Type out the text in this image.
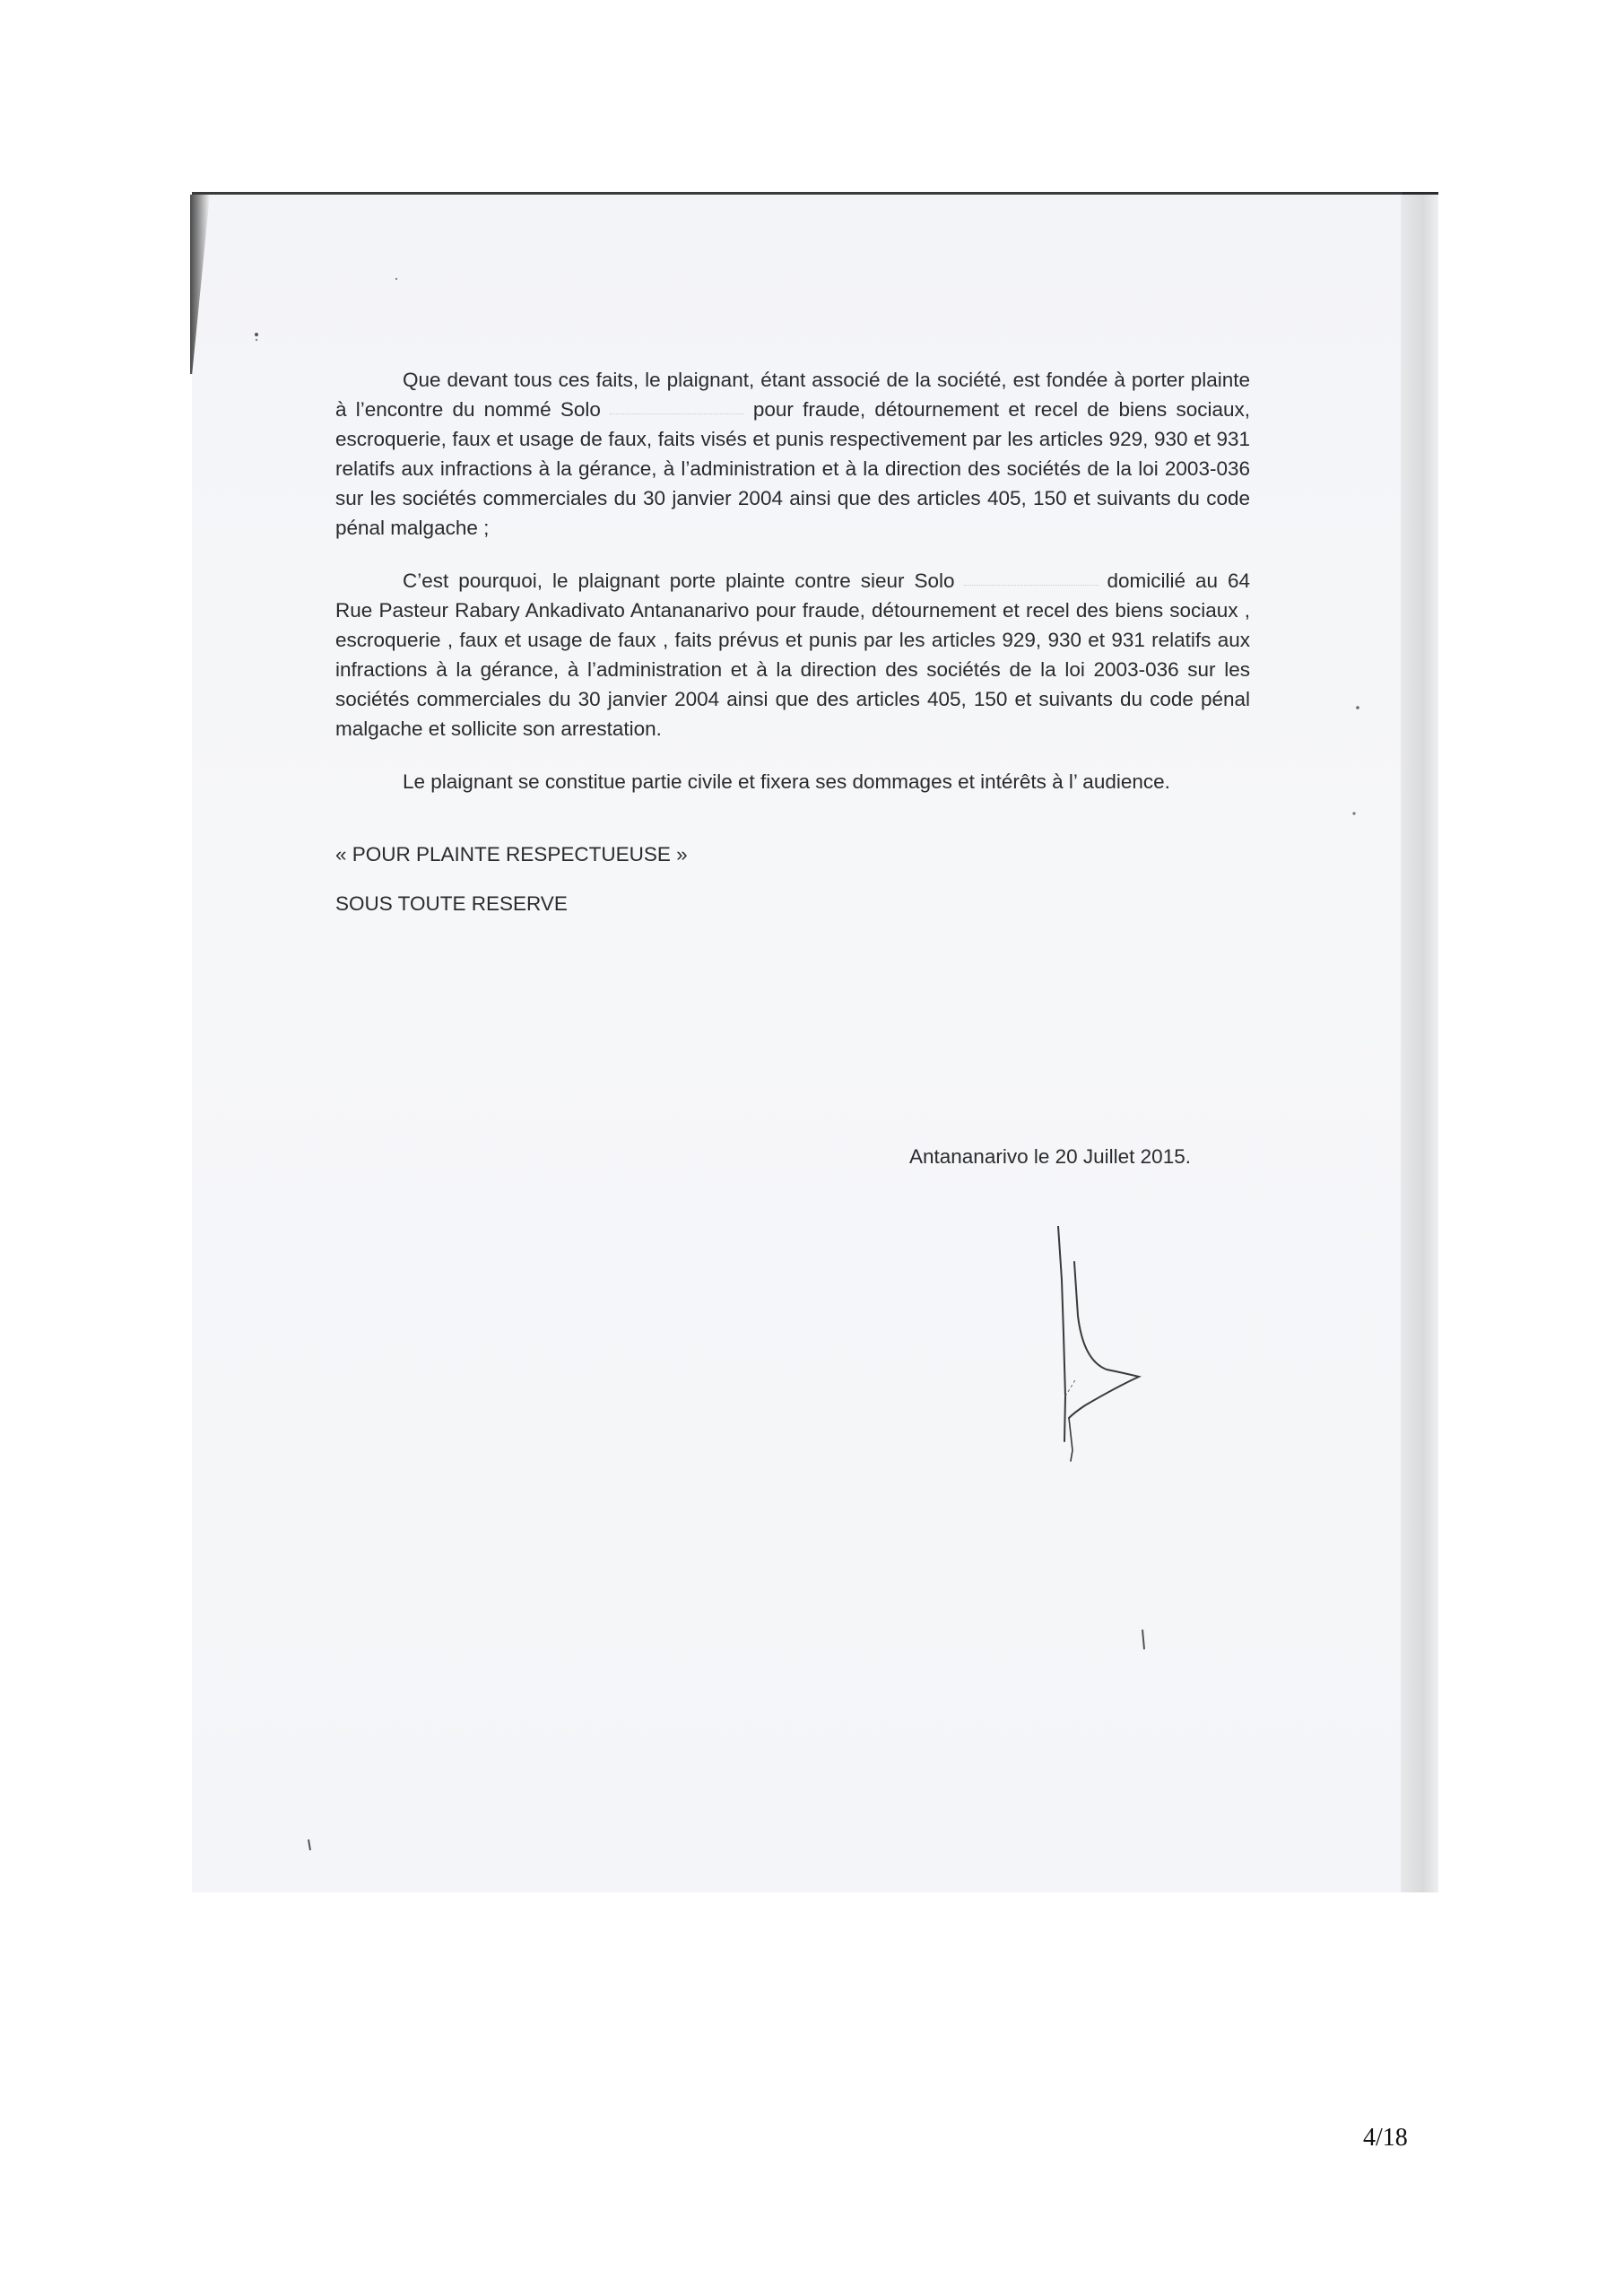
Que devant tous ces faits, le plaignant, étant associé de la société, est fondée à porter plainte à l’encontre du nommé Solo	pour fraude, détournement et recel de biens sociaux, escroquerie, faux et usage de faux, faits visés et punis respectivement par les articles 929, 930 et 931 relatifs aux infractions à la gérance, à l’administration et à la direction des sociétés de la loi 2003-036 sur les sociétés commerciales du 30 janvier 2004 ainsi que des articles 405, 150 et suivants du code pénal malgache ;

C’est pourquoi, le plaignant porte plainte contre sieur Solo	domicilié au 64 Rue Pasteur Rabary Ankadivato Antananarivo pour fraude, détournement et recel des biens sociaux , escroquerie , faux et usage de faux , faits prévus et punis par les articles 929, 930 et 931 relatifs aux infractions à la gérance, à l’administration et à la direction des sociétés de la loi 2003-036 sur les sociétés commerciales du 30 janvier 2004 ainsi que des articles 405, 150 et suivants du code pénal malgache et sollicite son arrestation.

Le plaignant se constitue partie civile et fixera ses dommages et intérêts à l’ audience.

« POUR PLAINTE RESPECTUEUSE »

SOUS TOUTE RESERVE

Antananarivo le 20 Juillet 2015.
4/18
